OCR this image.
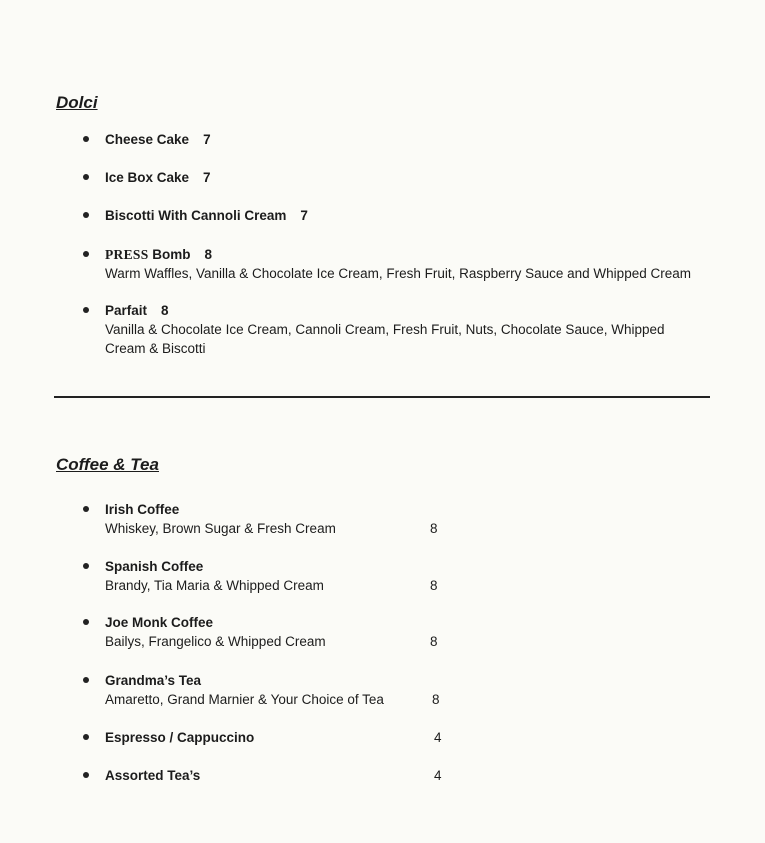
Dolci
Cheese Cake 7
Ice Box Cake 7
Biscotti With Cannoli Cream 7
PRESS Bomb 8
Warm Waffles, Vanilla & Chocolate Ice Cream, Fresh Fruit, Raspberry Sauce and Whipped Cream
Parfait 8
Vanilla & Chocolate Ice Cream, Cannoli Cream, Fresh Fruit, Nuts, Chocolate Sauce, Whipped Cream & Biscotti
Coffee & Tea
Irish Coffee
Whiskey, Brown Sugar & Fresh Cream	8
Spanish Coffee
Brandy, Tia Maria & Whipped Cream	8
Joe Monk Coffee
Bailys, Frangelico & Whipped Cream	8
Grandma’s Tea
Amaretto, Grand Marnier & Your Choice of Tea	8
Espresso / Cappuccino	4
Assorted Tea’s	4
